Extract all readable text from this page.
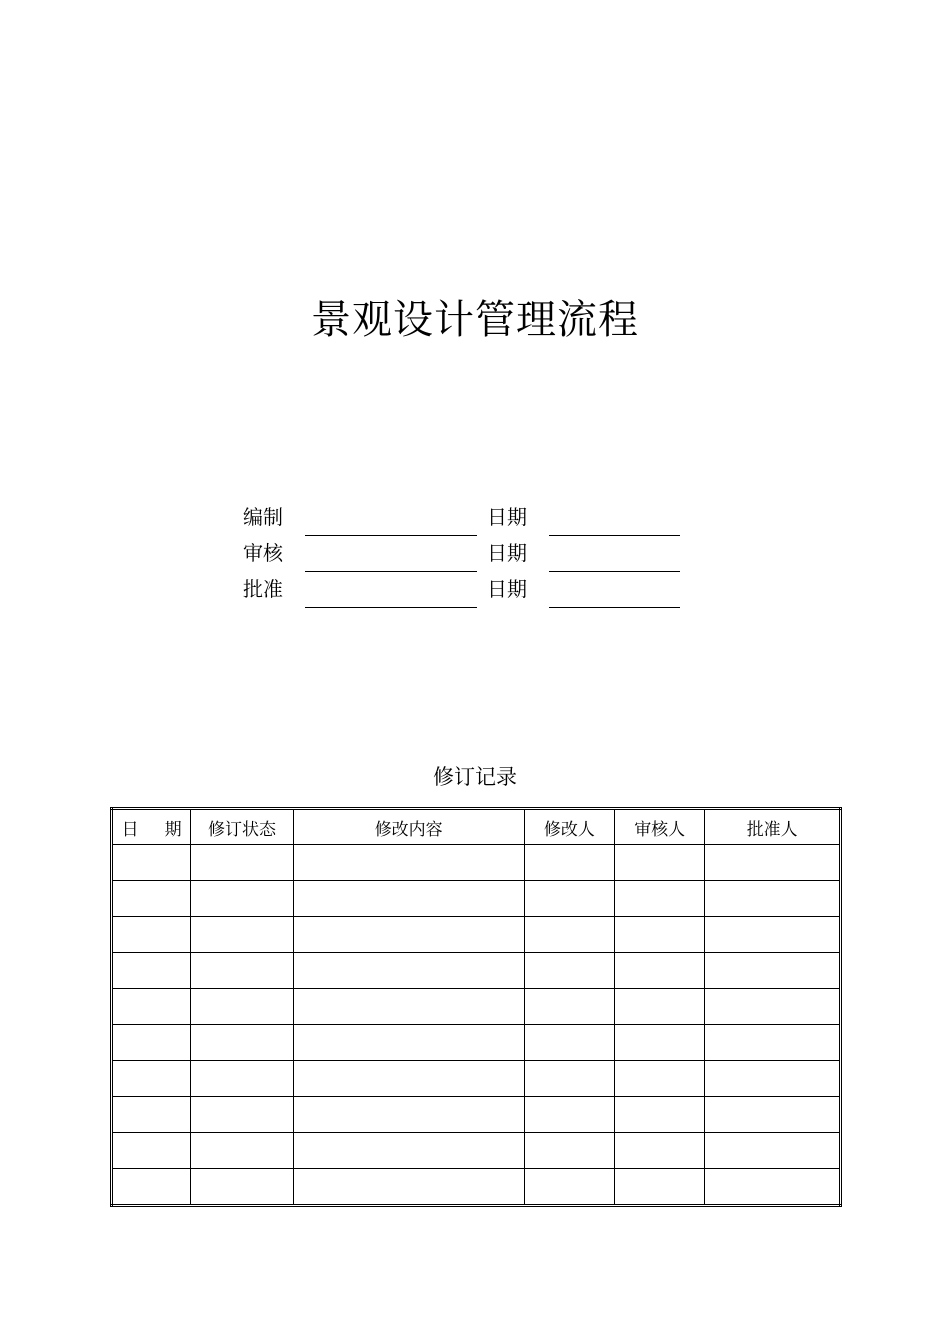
景观设计管理流程
编制	日期
审核	日期
批准	日期
修订记录
日 期	修订状态	修改内容	修改人	审核人	批准人
